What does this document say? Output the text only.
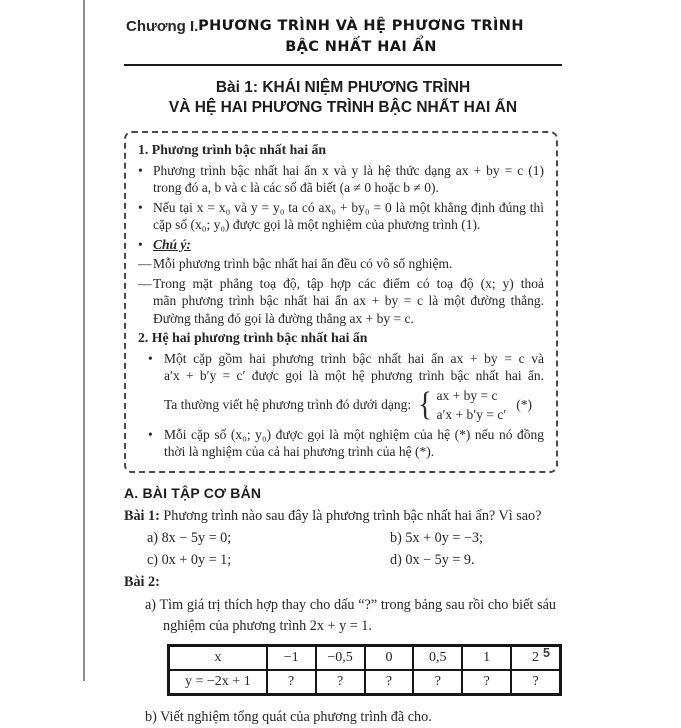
Chương I. PHƯƠNG TRÌNH VÀ HỆ PHƯƠNG TRÌNH
BẬC NHẤT HAI ẨN
Bài 1: KHÁI NIỆM PHƯƠNG TRÌNH
VÀ HỆ HAI PHƯƠNG TRÌNH BẬC NHẤT HAI ẨN
1. Phương trình bậc nhất hai ẩn
• Phương trình bậc nhất hai ẩn x và y là hệ thức dạng ax + by = c (1)
trong đó a, b và c là các số đã biết (a ≠ 0 hoặc b ≠ 0).
• Nếu tại x = x₀ và y = y₀ ta có ax₀ + by₀ = 0 là một khẳng định đúng thì
cặp số (x₀; y₀) được gọi là một nghiệm của phương trình (1).
• Chú ý:
— Mỗi phương trình bậc nhất hai ẩn đều có vô số nghiệm.
— Trong mặt phẳng toạ độ, tập hợp các điểm có toạ độ (x; y) thoả
mãn phương trình bậc nhất hai ẩn ax + by = c là một đường thẳng.
Đường thẳng đó gọi là đường thẳng ax + by = c.
2. Hệ hai phương trình bậc nhất hai ẩn
• Một cặp gồm hai phương trình bậc nhất hai ẩn ax + by = c và
a′x + b′y = c′ được gọi là một hệ phương trình bậc nhất hai ẩn.
Ta thường viết hệ phương trình đó dưới dạng: { ax + by = c
a′x + b′y = c′
(*)
• Mỗi cặp số (x₀; y₀) được gọi là một nghiệm của hệ (*) nếu nó đồng
thời là nghiệm của cả hai phương trình của hệ (*).
A. BÀI TẬP CƠ BẢN

Bài 1: Phương trình nào sau đây là phương trình bậc nhất hai ẩn? Vì sao?

a) 8x − 5y = 0;	b) 5x + 0y = −3;
c) 0x + 0y = 1;	d) 0x − 5y = 9.

Bài 2:

a) Tìm giá trị thích hợp thay cho dấu “?” trong bảng sau rồi cho biết sáu
nghiệm của phương trình 2x + y = 1.
x	−1	−0,5	0	0,5	1	2
y = −2x + 1	?	?	?	?	?	?
b) Viết nghiệm tổng quát của phương trình đã cho.
5
